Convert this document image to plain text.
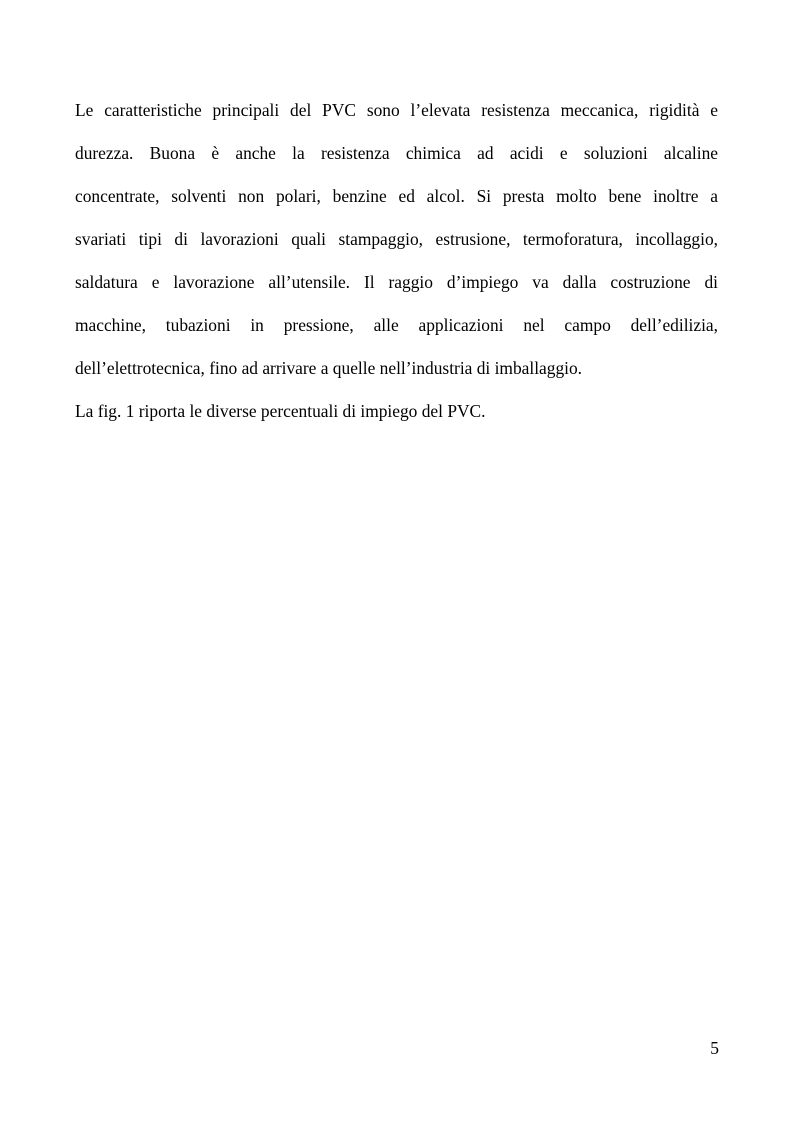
Le caratteristiche principali del PVC sono l’elevata resistenza meccanica, rigidità e
durezza. Buona è anche la resistenza chimica ad acidi e soluzioni alcaline
concentrate, solventi non polari, benzine ed alcol. Si presta molto bene inoltre a
svariati tipi di lavorazioni quali stampaggio, estrusione, termoforatura, incollaggio,
saldatura e lavorazione all’utensile. Il raggio d’impiego va dalla costruzione di
macchine, tubazioni in pressione, alle applicazioni nel campo dell’edilizia,
dell’elettrotecnica, fino ad arrivare a quelle nell’industria di imballaggio.
La fig. 1 riporta le diverse percentuali di impiego del PVC.
5
